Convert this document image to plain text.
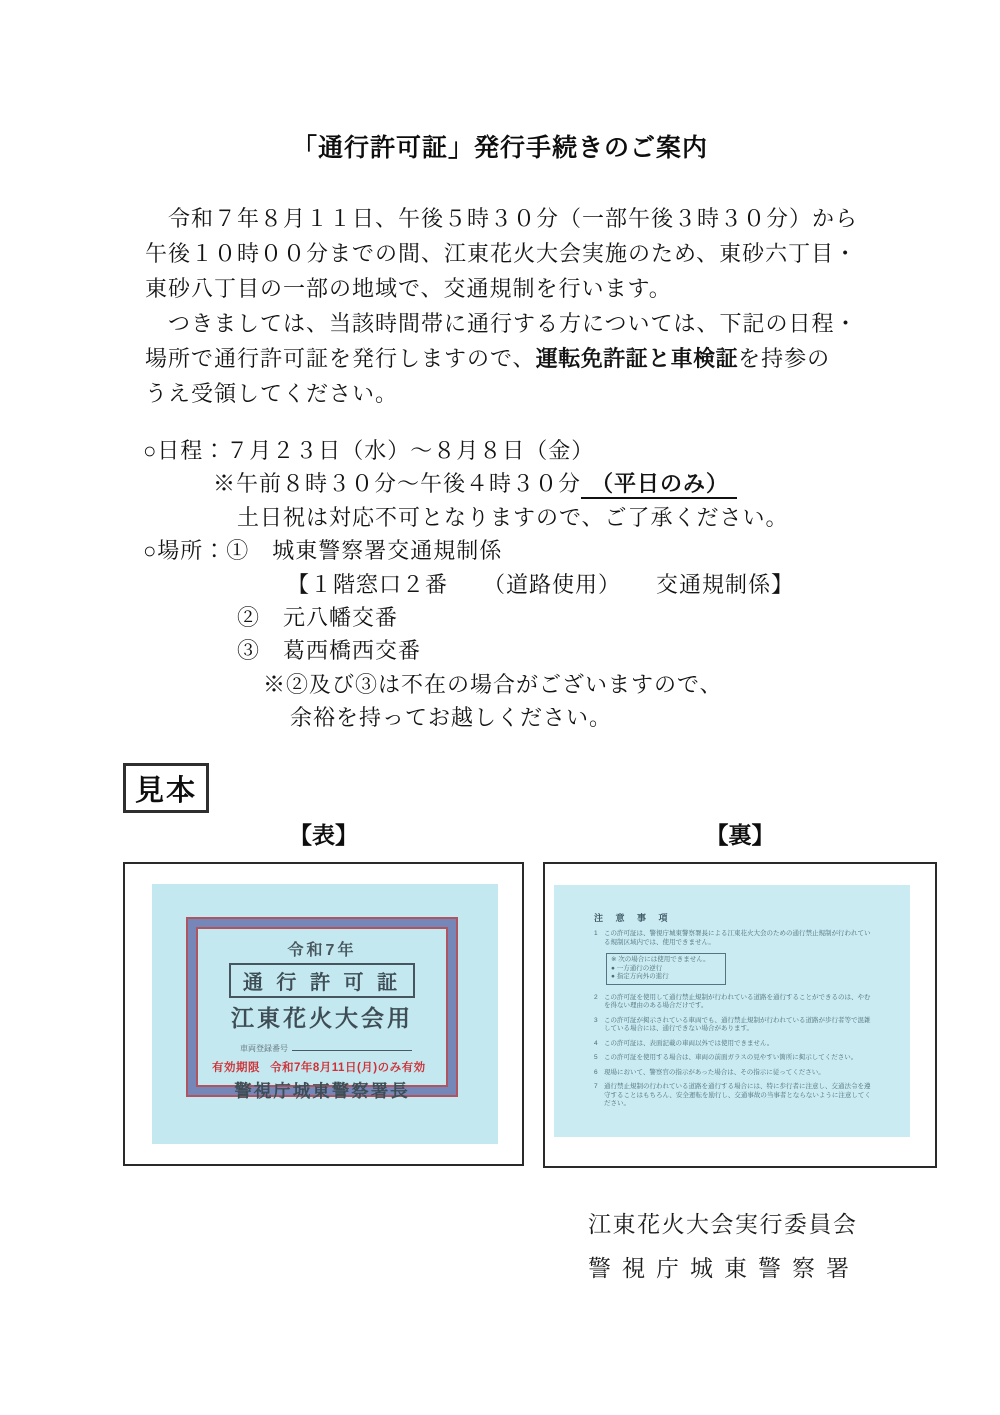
「通行許可証」発行手続きのご案内
　令和７年８月１１日、午後５時３０分（一部午後３時３０分）から
午後１０時００分までの間、江東花火大会実施のため、東砂六丁目・
東砂八丁目の一部の地域で、交通規制を行います。
　つきましては、当該時間帯に通行する方については、下記の日程・
場所で通行許可証を発行しますので、運転免許証と車検証を持参の
うえ受領してください。
○日程：７月２３日（水）～８月８日（金）
※午前８時３０分～午後４時３０分 （平日のみ）
土日祝は対応不可となりますので、ご了承ください。
○場所：①　城東警察署交通規制係
【１階窓口２番　　（道路使用）　　交通規制係】
②　元八幡交番
③　葛西橋西交番
※②及び③は不在の場合がございますので、
余裕を持ってお越しください。
見本
【表】	【裏】
令和7年
通 行 許 可 証
江東花火大会用
車両登録番号
有効期限 令和7年8月11日(月)のみ有効
警視庁城東警察署長
注 意 事 項
1 この許可証は、警視庁城東警察署長による江東花火大会のための通行禁止規制が行われている規制区域内では、使用できません。
※ 次の場合には使用できません。
● 一方通行の逆行
● 指定方向外の進行
2 この許可証を使用して通行禁止規制が行われている道路を通行することができるのは、やむを得ない理由のある場合だけです。
3 この許可証が掲示されている車両でも、通行禁止規制が行われている道路が歩行者等で混雑している場合には、通行できない場合があります。
4 この許可証は、表面記載の車両以外では使用できません。
5 この許可証を使用する場合は、車両の前面ガラスの見やすい箇所に掲示してください。
6 現場において、警察官の指示があった場合は、その指示に従ってください。
7 通行禁止規制の行われている道路を通行する場合には、特に歩行者に注意し、交通法令を遵守することはもちろん、安全運転を励行し、交通事故の当事者とならないように注意してください。
江東花火大会実行委員会
警視庁城東警察署
